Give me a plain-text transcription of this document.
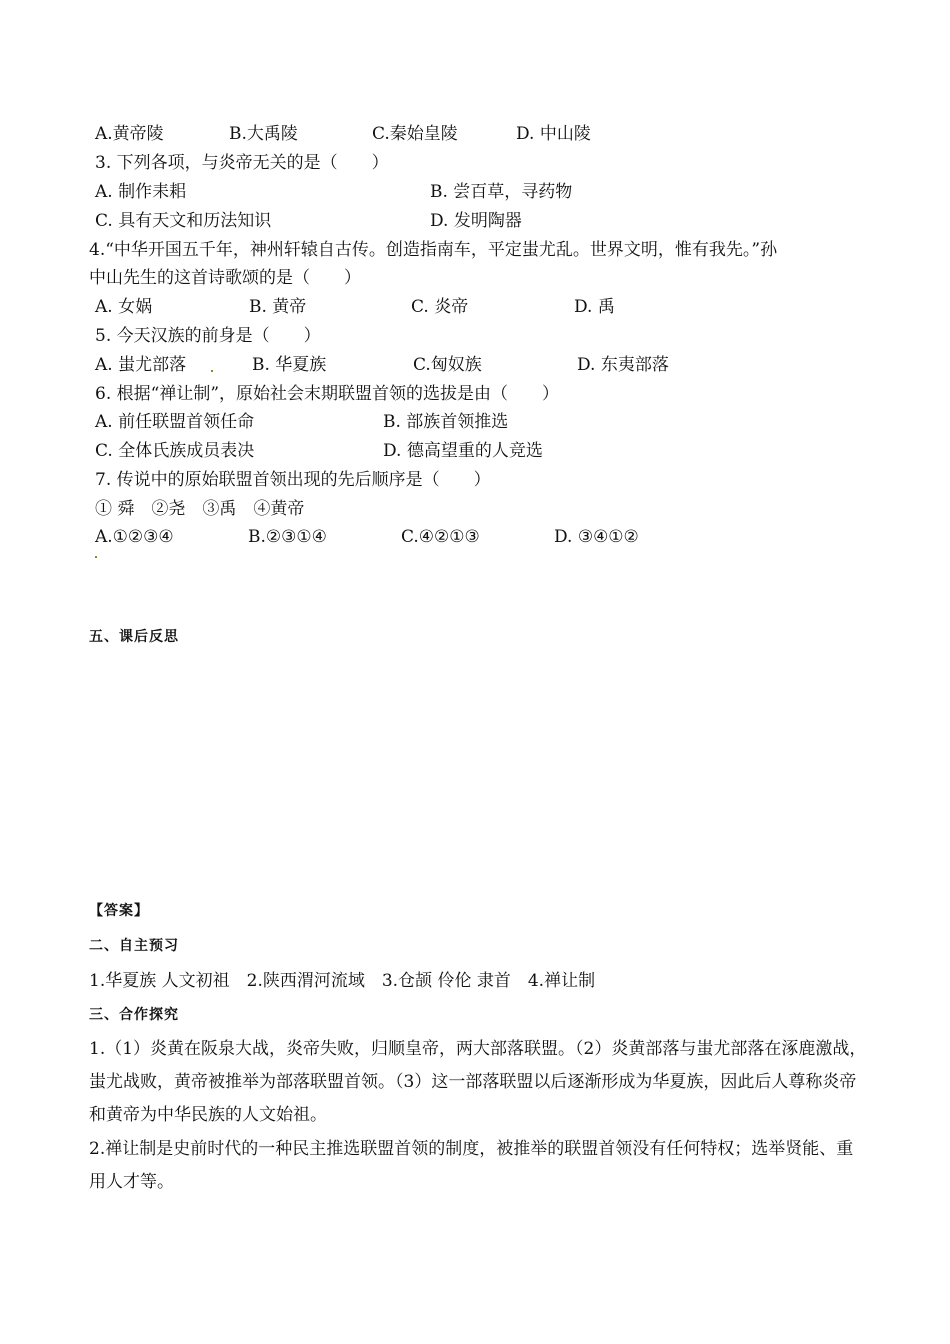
A.黄帝陵	B.大禹陵	C.秦始皇陵	D. 中山陵
3. 下列各项，与炎帝无关的是（　　）
A. 制作耒耜	B. 尝百草，寻药物
C. 具有天文和历法知识	D. 发明陶器
4.“中华开国五千年，神州轩辕自古传。创造指南车，平定蚩尤乱。世界文明，惟有我先。”孙
中山先生的这首诗歌颂的是（　　）
A. 女娲	B. 黄帝	C. 炎帝	D. 禹
5. 今天汉族的前身是（　　）
A. 蚩尤部落	B. 华夏族	C.匈奴族	D. 东夷部落
6. 根据“禅让制”，原始社会末期联盟首领的选拔是由（　　）
A. 前任联盟首领任命	B. 部族首领推选
C. 全体氏族成员表决	D. 德高望重的人竞选
7. 传说中的原始联盟首领出现的先后顺序是（　　）
① 舜　②尧　③禹　④黄帝
A.①②③④	B.②③①④	C.④②①③	D. ③④①②
五、课后反思
【答案】
二、自主预习
1.华夏族 人文初祖　2.陕西渭河流域　3.仓颉 伶伦 隶首　4.禅让制
三、合作探究
1.（1）炎黄在阪泉大战，炎帝失败，归顺皇帝，两大部落联盟。（2）炎黄部落与蚩尤部落在涿鹿激战，蚩尤战败，黄帝被推举为部落联盟首领。（3）这一部落联盟以后逐渐形成为华夏族，因此后人尊称炎帝和黄帝为中华民族的人文始祖。
2.禅让制是史前时代的一种民主推选联盟首领的制度，被推举的联盟首领没有任何特权；选举贤能、重用人才等。
